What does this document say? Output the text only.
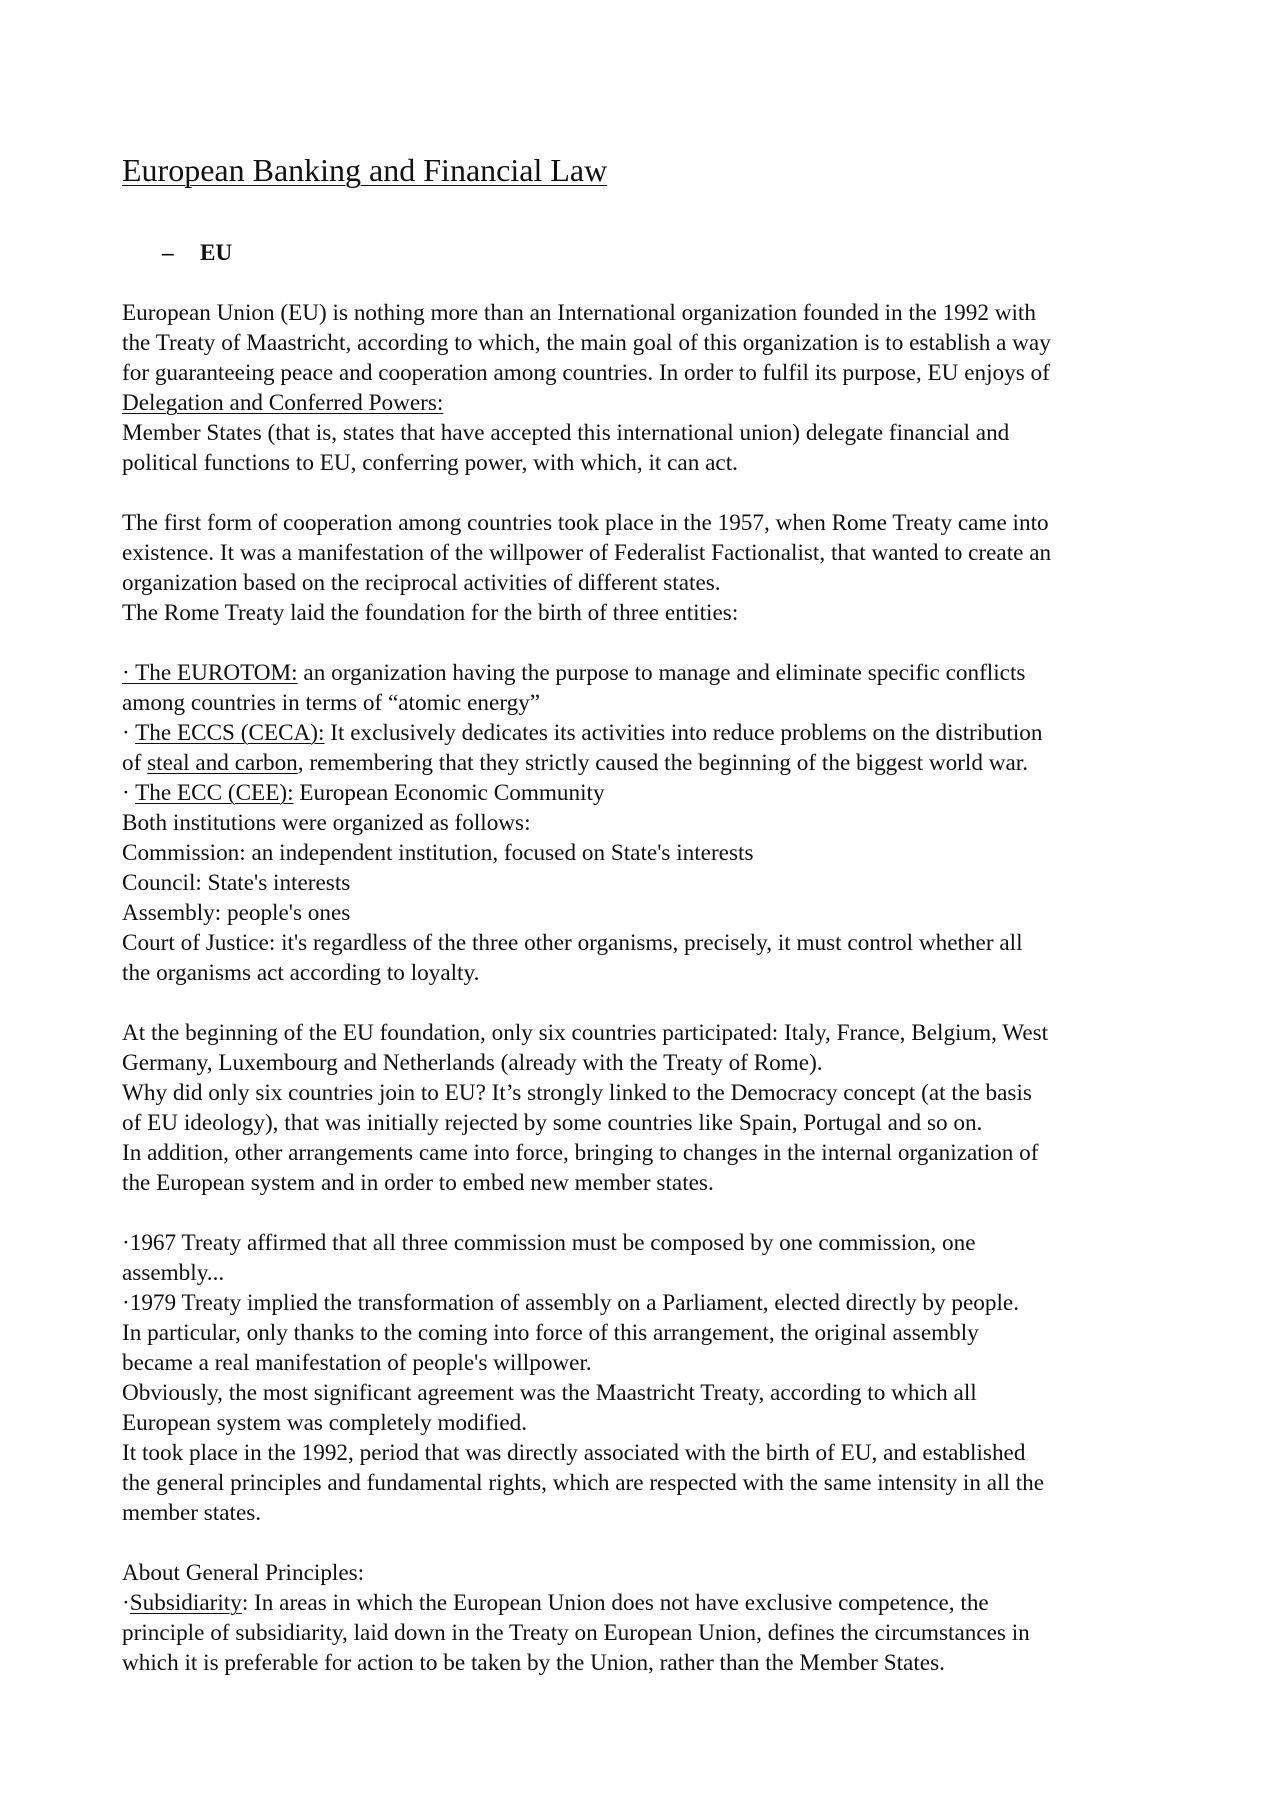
European Banking and Financial Law
– EU
European Union (EU) is nothing more than an International organization founded in the 1992 with
the Treaty of Maastricht, according to which, the main goal of this organization is to establish a way
for guaranteeing peace and cooperation among countries. In order to fulfil its purpose, EU enjoys of
Delegation and Conferred Powers:
Member States (that is, states that have accepted this international union) delegate financial and
political functions to EU, conferring power, with which, it can act.
The first form of cooperation among countries took place in the 1957, when Rome Treaty came into
existence. It was a manifestation of the willpower of Federalist Factionalist, that wanted to create an
organization based on the reciprocal activities of different states.
The Rome Treaty laid the foundation for the birth of three entities:
· The EUROTOM: an organization having the purpose to manage and eliminate specific conflicts
among countries in terms of “atomic energy”
· The ECCS (CECA): It exclusively dedicates its activities into reduce problems on the distribution
of steal and carbon, remembering that they strictly caused the beginning of the biggest world war.
· The ECC (CEE): European Economic Community
Both institutions were organized as follows:
Commission: an independent institution, focused on State's interests
Council: State's interests
Assembly: people's ones
Court of Justice: it's regardless of the three other organisms, precisely, it must control whether all
the organisms act according to loyalty.
At the beginning of the EU foundation, only six countries participated: Italy, France, Belgium, West
Germany, Luxembourg and Netherlands (already with the Treaty of Rome).
Why did only six countries join to EU? It’s strongly linked to the Democracy concept (at the basis
of EU ideology), that was initially rejected by some countries like Spain, Portugal and so on.
In addition, other arrangements came into force, bringing to changes in the internal organization of
the European system and in order to embed new member states.
·1967 Treaty affirmed that all three commission must be composed by one commission, one
assembly...
·1979 Treaty implied the transformation of assembly on a Parliament, elected directly by people.
In particular, only thanks to the coming into force of this arrangement, the original assembly
became a real manifestation of people's willpower.
Obviously, the most significant agreement was the Maastricht Treaty, according to which all
European system was completely modified.
It took place in the 1992, period that was directly associated with the birth of EU, and established
the general principles and fundamental rights, which are respected with the same intensity in all the
member states.
About General Principles:
·Subsidiarity: In areas in which the European Union does not have exclusive competence, the
principle of subsidiarity, laid down in the Treaty on European Union, defines the circumstances in
which it is preferable for action to be taken by the Union, rather than the Member States.
